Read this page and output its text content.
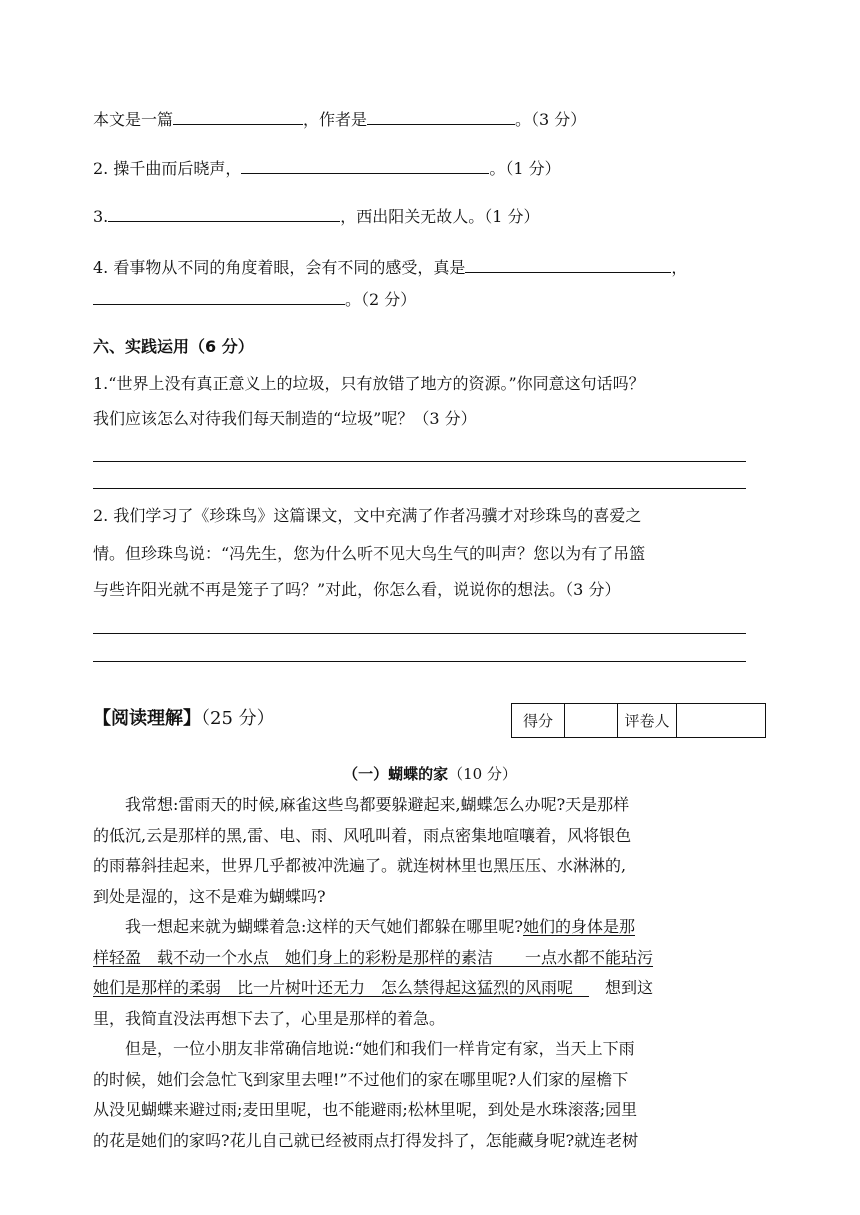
本文是一篇	，作者是	。（3 分）
2. 操千曲而后晓声，	。（1 分）
3.	，西出阳关无故人。（1 分）
4. 看事物从不同的角度着眼，会有不同的感受，真是	，
。（2 分）
六、实践运用（6 分）
1.“世界上没有真正意义上的垃圾，只有放错了地方的资源。”你同意这句话吗？
我们应该怎么对待我们每天制造的“垃圾”呢？（3 分）
2. 我们学习了《珍珠鸟》这篇课文，文中充满了作者冯骥才对珍珠鸟的喜爱之
情。但珍珠鸟说：“冯先生，您为什么听不见大鸟生气的叫声？您以为有了吊篮
与些许阳光就不再是笼子了吗？”对此，你怎么看，说说你的想法。（3 分）
【阅读理解】（25 分）	得分		评卷人	
（一）蝴蝶的家（10 分）
　　我常想:雷雨天的时候,麻雀这些鸟都要躲避起来,蝴蝶怎么办呢?天是那样
的低沉,云是那样的黑,雷、电、雨、风吼叫着，雨点密集地喧嚷着，风将银色
的雨幕斜挂起来，世界几乎都被冲洗遍了。就连树林里也黑压压、水淋淋的,
到处是湿的，这不是难为蝴蝶吗?
　　我一想起来就为蝴蝶着急:这样的天气她们都躲在哪里呢?她们的身体是那
样轻盈　载不动一个水点　她们身上的彩粉是那样的素洁　　一点水都不能玷污
她们是那样的柔弱　比一片树叶还无力　怎么禁得起这猛烈的风雨呢　　想到这
里，我简直没法再想下去了，心里是那样的着急。
　　但是，一位小朋友非常确信地说:“她们和我们一样肯定有家，当天上下雨
的时候，她们会急忙飞到家里去哩!”不过他们的家在哪里呢?人们家的屋檐下
从没见蝴蝶来避过雨;麦田里呢，也不能避雨;松林里呢，到处是水珠滚落;园里
的花是她们的家吗?花儿自己就已经被雨点打得发抖了，怎能藏身呢?就连老树
